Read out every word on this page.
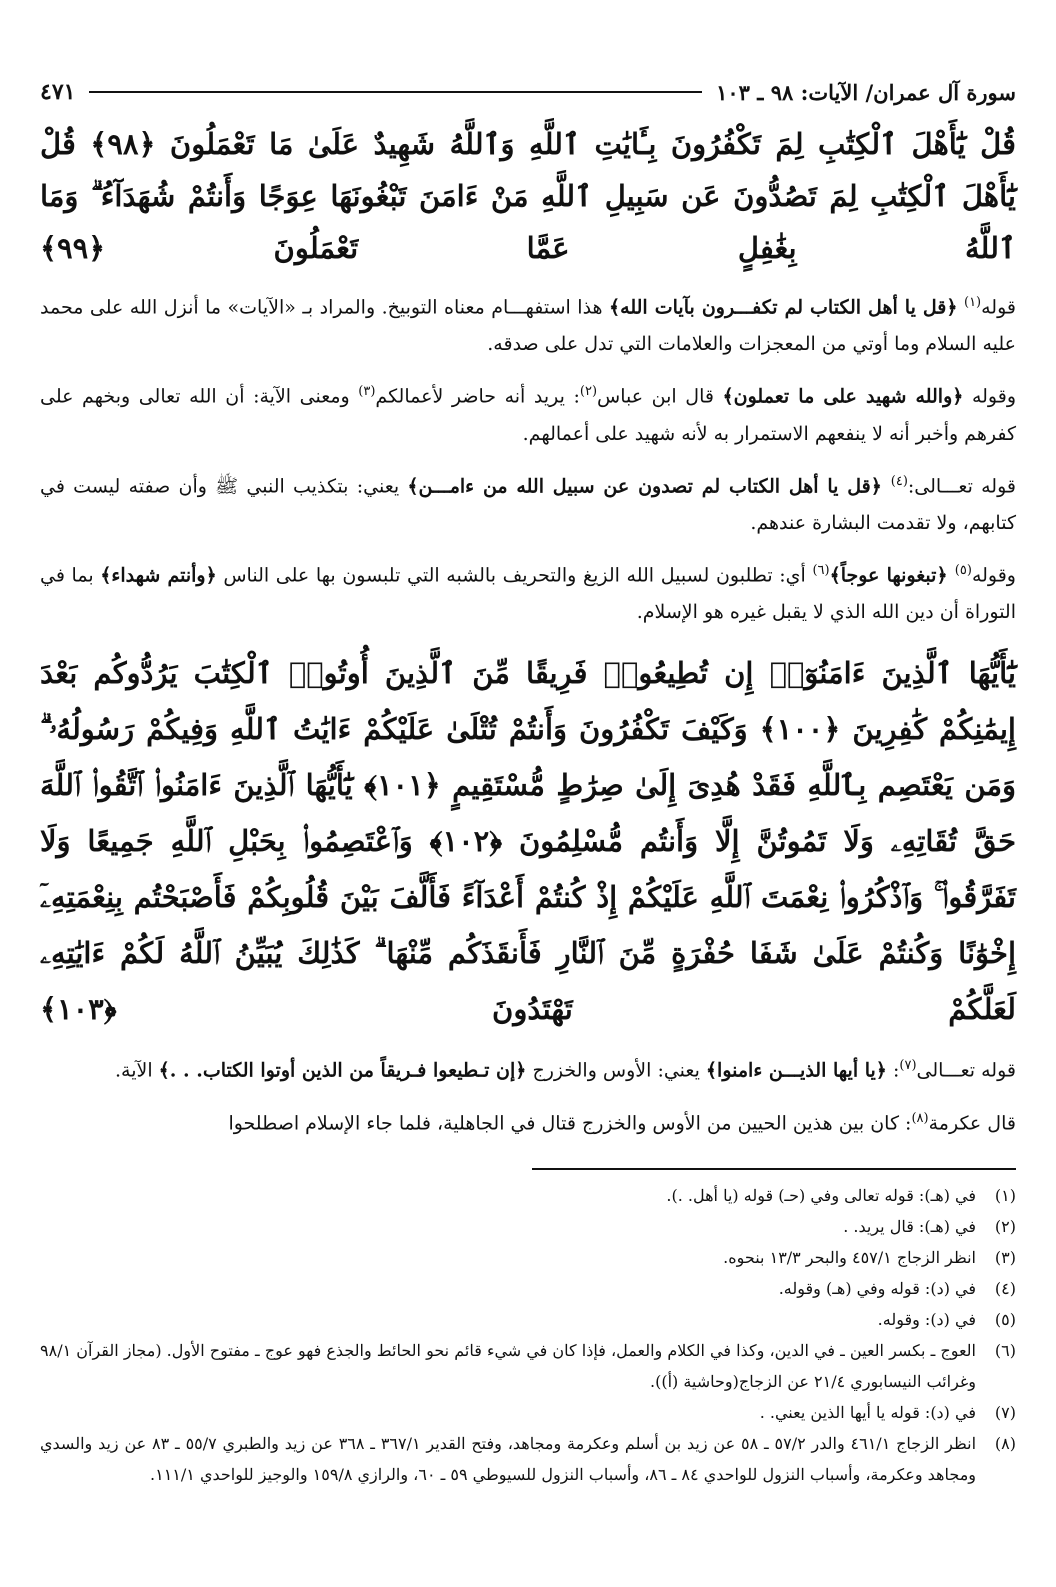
سورة آل عمران/ الآيات: ٩٨ ـ ١٠٣
٤٧١

قُلْ يَٰٓأَهْلَ ٱلْكِتَٰبِ لِمَ تَكْفُرُونَ بِـَٔايَٰتِ ٱللَّهِ وَٱللَّهُ شَهِيدٌ عَلَىٰ مَا تَعْمَلُونَ ﴿٩٨﴾ قُلْ يَٰٓأَهْلَ ٱلْكِتَٰبِ لِمَ تَصُدُّونَ عَن سَبِيلِ ٱللَّهِ مَنْ ءَامَنَ تَبْغُونَهَا عِوَجًا وَأَنتُمْ شُهَدَآءُ ۗ وَمَا ٱللَّهُ بِغَٰفِلٍ عَمَّا تَعْمَلُونَ ﴿٩٩﴾

قوله$^{(١)}$ ﴿قل يا أهل الكتاب لم تكفـــرون بآيات الله﴾ هذا استفهـــام معناه التوبيخ. والمراد بـ «الآيات» ما أنزل الله على محمد عليه السلام وما أوتي من المعجزات والعلامات التي تدل على صدقه.

وقوله ﴿والله شهيد على ما تعملون﴾ قال ابن عباس$^{(٢)}$: يريد أنه حاضر لأعمالكم$^{(٣)}$ ومعنى الآية: أن الله تعالى وبخهم على كفرهم وأخبر أنه لا ينفعهم الاستمرار به لأنه شهيد على أعمالهم.

قوله تعـــالى:$^{(٤)}$ ﴿قل يا أهل الكتاب لم تصدون عن سبيل الله من ءامـــن﴾ يعني: بتكذيب النبي ﷺ وأن صفته ليست في كتابهم، ولا تقدمت البشارة عندهم.

وقوله$^{(٥)}$ ﴿تبغونها عوجاً﴾$^{(٦)}$ أي: تطلبون لسبيل الله الزيغ والتحريف بالشبه التي تلبسون بها على الناس ﴿وأنتم شهداء﴾ بما في التوراة أن دين الله الذي لا يقبل غيره هو الإسلام.

يَٰٓأَيُّهَا ٱلَّذِينَ ءَامَنُوٓا۟ إِن تُطِيعُوا۟ فَرِيقًا مِّنَ ٱلَّذِينَ أُوتُوا۟ ٱلْكِتَٰبَ يَرُدُّوكُم بَعْدَ إِيمَٰنِكُمْ كَٰفِرِينَ ﴿١٠٠﴾ وَكَيْفَ تَكْفُرُونَ وَأَنتُمْ تُتْلَىٰ عَلَيْكُمْ ءَايَٰتُ ٱللَّهِ وَفِيكُمْ رَسُولُهُۥ ۗ وَمَن يَعْتَصِم بِٱللَّهِ فَقَدْ هُدِىَ إِلَىٰ صِرَٰطٍ مُّسْتَقِيمٍ ﴿١٠١﴾ يَٰٓأَيُّهَا ٱلَّذِينَ ءَامَنُوا۟ ٱتَّقُوا۟ ٱللَّهَ حَقَّ تُقَاتِهِۦ وَلَا تَمُوتُنَّ إِلَّا وَأَنتُم مُّسْلِمُونَ ﴿١٠٢﴾ وَٱعْتَصِمُوا۟ بِحَبْلِ ٱللَّهِ جَمِيعًا وَلَا تَفَرَّقُوا۟ ۚ وَٱذْكُرُوا۟ نِعْمَتَ ٱللَّهِ عَلَيْكُمْ إِذْ كُنتُمْ أَعْدَآءً فَأَلَّفَ بَيْنَ قُلُوبِكُمْ فَأَصْبَحْتُم بِنِعْمَتِهِۦٓ إِخْوَٰنًا وَكُنتُمْ عَلَىٰ شَفَا حُفْرَةٍ مِّنَ ٱلنَّارِ فَأَنقَذَكُم مِّنْهَا ۗ كَذَٰلِكَ يُبَيِّنُ ٱللَّهُ لَكُمْ ءَايَٰتِهِۦ لَعَلَّكُمْ تَهْتَدُونَ ﴿١٠٣﴾

قوله تعـــالى$^{(٧)}$: ﴿يا أيها الذيـــن ءامنوا﴾ يعني: الأوس والخزرج ﴿إن تـطيعوا فـريقاً من الذين أوتوا الكتاب. . .﴾ الآية.

قال عكرمة$^{(٨)}$: كان بين هذين الحيين من الأوس والخزرج قتال في الجاهلية، فلما جاء الإسلام اصطلحوا

(١)
في (هـ): قوله تعالى وفي (حـ) قوله (يا أهل. .).
(٢)
في (هـ): قال يريد. .
(٣)
انظر الزجاج ٤٥٧/١ والبحر ١٣/٣ بنحوه.
(٤)
في (د): قوله وفي (هـ) وقوله.
(٥)
في (د): وقوله.
(٦)
العوج ـ بكسر العين ـ في الدين، وكذا في الكلام والعمل، فإذا كان في شيء قائم نحو الحائط والجذع فهو عوج ـ مفتوح الأول. (مجاز القرآن ٩٨/١ وغرائب النيسابوري ٢١/٤ عن الزجاج(وحاشية (أ)).
(٧)
في (د): قوله يا أيها الذين يعني. .
(٨)
انظر الزجاج ٤٦١/١ والدر ٥٧/٢ ـ ٥٨ عن زيد بن أسلم وعكرمة ومجاهد، وفتح القدير ٣٦٧/١ ـ ٣٦٨ عن زيد والطبري ٥٥/٧ ـ ٨٣ عن زيد والسدي ومجاهد وعكرمة، وأسباب النزول للواحدي ٨٤ ـ ٨٦، وأسباب النزول للسيوطي ٥٩ ـ ٦٠، والرازي ١٥٩/٨ والوجيز للواحدي ١١١/١.
